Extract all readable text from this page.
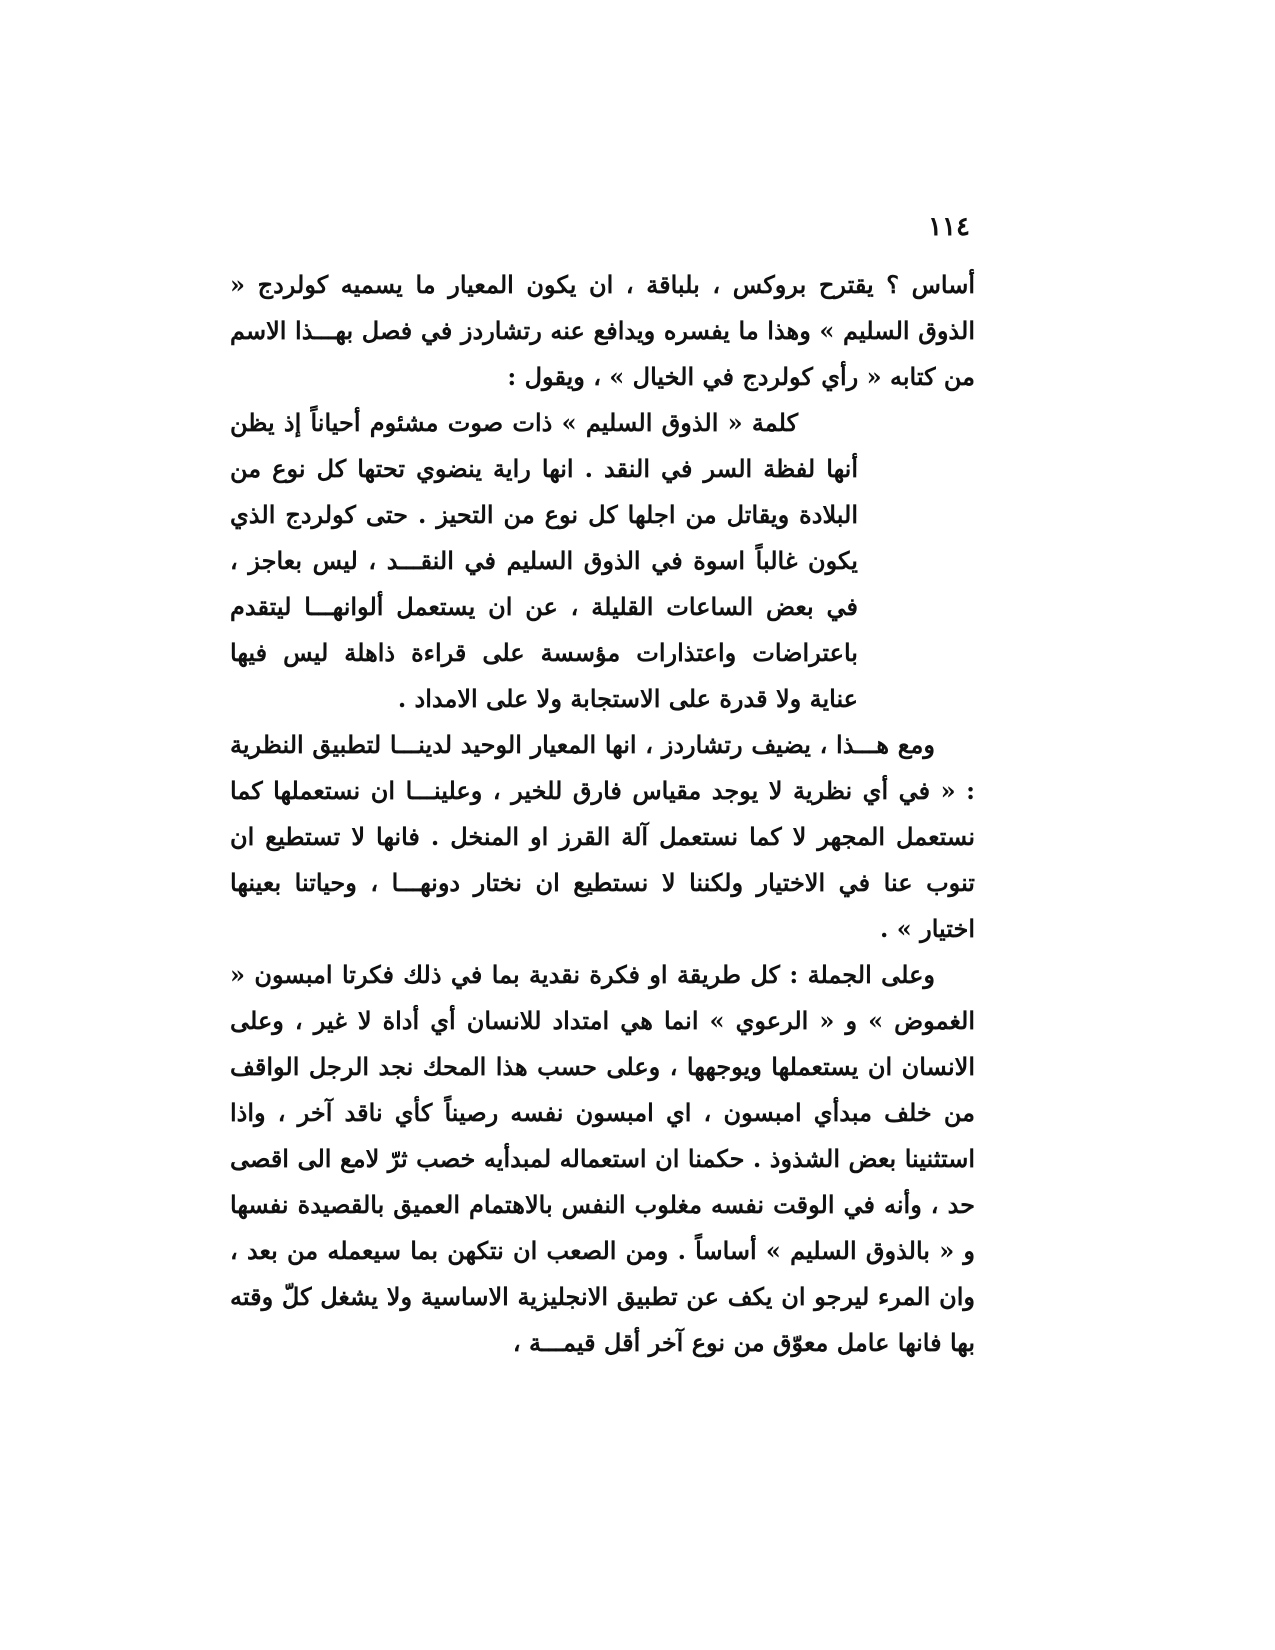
١١٤

أساس ؟ يقترح بروكس ، بلباقة ، ان يكون المعيار ما يسميه كولردج « الذوق السليم » وهذا ما يفسره ويدافع عنه رتشاردز في فصل بهـــذا الاسم من كتابه « رأي كولردج في الخيال » ، ويقول :

كلمة « الذوق السليم » ذات صوت مشئوم أحياناً إذ يظن أنها لفظة السر في النقد . انها راية ينضوي تحتها كل نوع من البلادة ويقاتل من اجلها كل نوع من التحيز . حتى كولردج الذي يكون غالباً اسوة في الذوق السليم في النقـــد ، ليس بعاجز ، في بعض الساعات القليلة ، عن ان يستعمل ألوانهـــا ليتقدم باعتراضات واعتذارات مؤسسة على قراءة ذاهلة ليس فيها عناية ولا قدرة على الاستجابة ولا على الامداد .

ومع هـــذا ، يضيف رتشاردز ، انها المعيار الوحيد لدينـــا لتطبيق النظرية : « في أي نظرية لا يوجد مقياس فارق للخير ، وعلينـــا ان نستعملها كما نستعمل المجهر لا كما نستعمل آلة القرز او المنخل . فانها لا تستطيع ان تنوب عنا في الاختيار ولكننا لا نستطيع ان نختار دونهـــا ، وحياتنا بعينها اختيار » .

وعلى الجملة : كل طريقة او فكرة نقدية بما في ذلك فكرتا امبسون « الغموض » و « الرعوي » انما هي امتداد للانسان أي أداة لا غير ، وعلى الانسان ان يستعملها ويوجهها ، وعلى حسب هذا المحك نجد الرجل الواقف من خلف مبدأي امبسون ، اي امبسون نفسه رصيناً كأي ناقد آخر ، واذا استثنينا بعض الشذوذ . حكمنا ان استعماله لمبدأيه خصب ثرّ لامع الى اقصى حد ، وأنه في الوقت نفسه مغلوب النفس بالاهتمام العميق بالقصيدة نفسها و « بالذوق السليم » أساساً . ومن الصعب ان نتكهن بما سيعمله من بعد ، وان المرء ليرجو ان يكف عن تطبيق الانجليزية الاساسية ولا يشغل كلّ وقته بها فانها عامل معوّق من نوع آخر أقل قيمـــة ،
